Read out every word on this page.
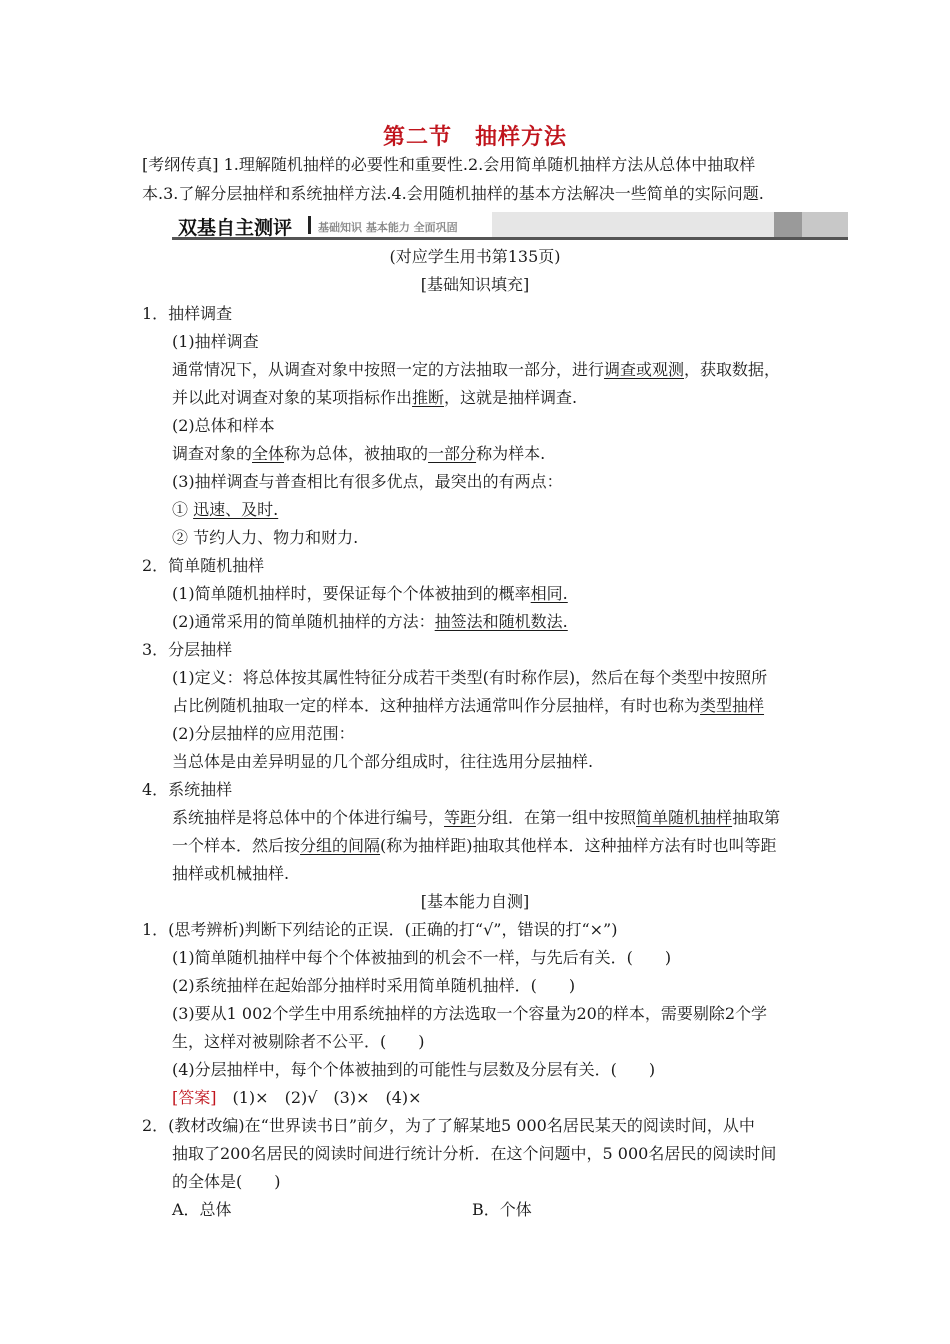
第二节　抽样方法
[考纲传真] 1.理解随机抽样的必要性和重要性.2.会用简单随机抽样方法从总体中抽取样
本.3.了解分层抽样和系统抽样方法.4.会用随机抽样的基本方法解决一些简单的实际问题.
双基自主测评 基础知识 基本能力 全面巩固
(对应学生用书第135页)
[基础知识填充]
1．抽样调查
(1)抽样调查
通常情况下，从调查对象中按照一定的方法抽取一部分，进行调查或观测，获取数据，
并以此对调查对象的某项指标作出推断，这就是抽样调查.
(2)总体和样本
调查对象的全体称为总体，被抽取的一部分称为样本.
(3)抽样调查与普查相比有很多优点，最突出的有两点：
① 迅速、及时.
② 节约人力、物力和财力.
2．简单随机抽样
(1)简单随机抽样时，要保证每个个体被抽到的概率相同.
(2)通常采用的简单随机抽样的方法：抽签法和随机数法.
3．分层抽样
(1)定义：将总体按其属性特征分成若干类型(有时称作层)，然后在每个类型中按照所
占比例随机抽取一定的样本．这种抽样方法通常叫作分层抽样，有时也称为类型抽样
(2)分层抽样的应用范围：
当总体是由差异明显的几个部分组成时，往往选用分层抽样.
4．系统抽样
系统抽样是将总体中的个体进行编号，等距分组．在第一组中按照简单随机抽样抽取第
一个样本．然后按分组的间隔(称为抽样距)抽取其他样本．这种抽样方法有时也叫等距
抽样或机械抽样.
[基本能力自测]
1．(思考辨析)判断下列结论的正误．(正确的打“√”，错误的打“×”)
(1)简单随机抽样中每个个体被抽到的机会不一样，与先后有关．(　　)
(2)系统抽样在起始部分抽样时采用简单随机抽样．(　　)
(3)要从1 002个学生中用系统抽样的方法选取一个容量为20的样本，需要剔除2个学
生，这样对被剔除者不公平．(　　)
(4)分层抽样中，每个个体被抽到的可能性与层数及分层有关．(　　)
[答案]　(1)×　(2)√　(3)×　(4)×
2．(教材改编)在“世界读书日”前夕，为了了解某地5 000名居民某天的阅读时间，从中
抽取了200名居民的阅读时间进行统计分析．在这个问题中，5 000名居民的阅读时间
的全体是(　　)
A．总体	B．个体
